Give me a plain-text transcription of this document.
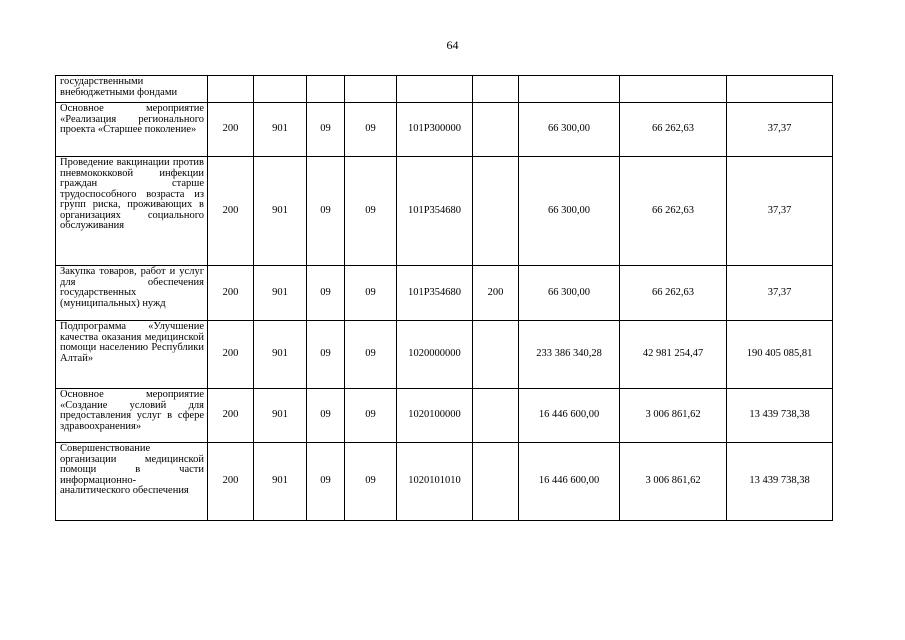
64
государственными внебюджетными фондами									
Основное мероприятие «Реализация регионального проекта «Старшее поколение»	200	901	09	09	101P300000		66 300,00	66 262,63	37,37
Проведение вакцинации против пневмококковой инфекции граждан старше трудоспособного возраста из групп риска, проживающих в организациях социального обслуживания	200	901	09	09	101P354680		66 300,00	66 262,63	37,37
Закупка товаров, работ и услуг для обеспечения государственных (муниципальных) нужд	200	901	09	09	101P354680	200	66 300,00	66 262,63	37,37
Подпрограмма «Улучшение качества оказания медицинской помощи населению Республики Алтай»	200	901	09	09	1020000000		233 386 340,28	42 981 254,47	190 405 085,81
Основное мероприятие «Создание условий для предоставления услуг в сфере здравоохранения»	200	901	09	09	1020100000		16 446 600,00	3 006 861,62	13 439 738,38
Совершенствование организации медицинской помощи в части информационно-аналитического обеспечения	200	901	09	09	1020101010		16 446 600,00	3 006 861,62	13 439 738,38
